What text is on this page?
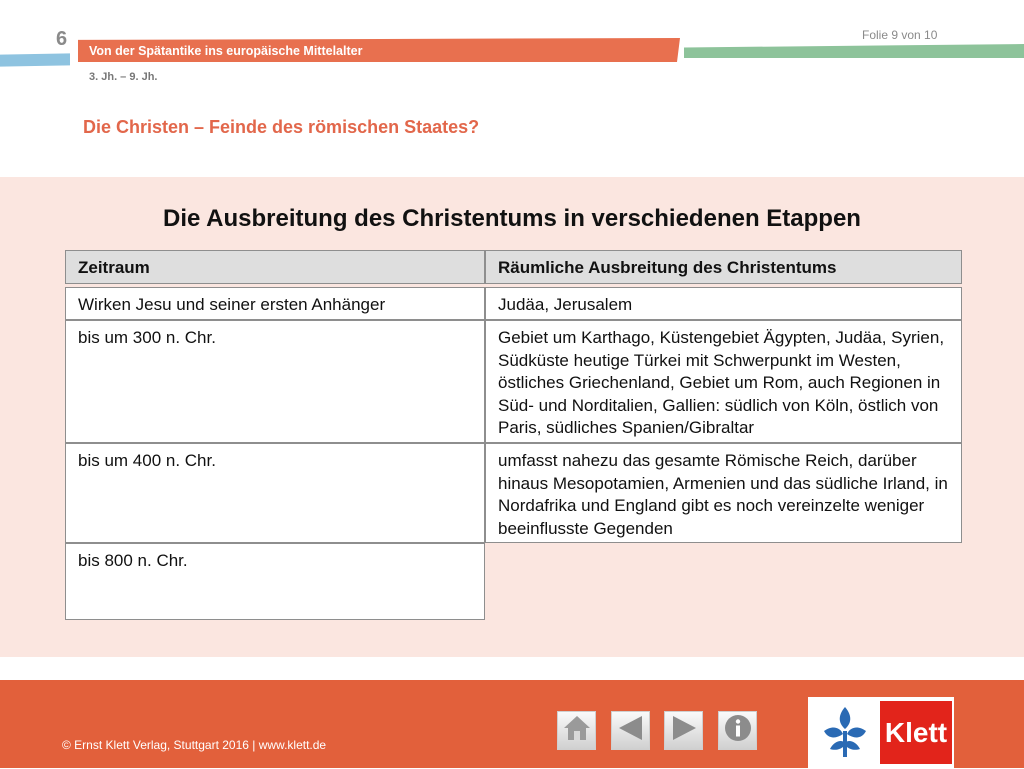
6
Von der Spätantike ins europäische Mittelalter
Folie 9 von 10
3. Jh. – 9. Jh.
Die Christen – Feinde des römischen Staates?
Die Ausbreitung des Christentums in verschiedenen Etappen
Zeitraum	Räumliche Ausbreitung des Christentums
Wirken Jesu und seiner ersten Anhänger	Judäa, Jerusalem
bis um 300 n. Chr.	Gebiet um Karthago, Küstengebiet Ägypten, Judäa, Syrien, Südküste heutige Türkei mit Schwerpunkt im Westen, östliches Griechenland, Gebiet um Rom, auch Regionen in Süd- und Norditalien, Gallien: südlich von Köln, östlich von Paris, südliches Spanien/Gibraltar
bis um 400 n. Chr.	umfasst nahezu das gesamte Römische Reich, darüber hinaus Mesopotamien, Armenien und das südliche Irland, in Nordafrika und England gibt es noch vereinzelte weniger beeinflusste Gegenden
bis 800 n. Chr.
© Ernst Klett Verlag, Stuttgart 2016 | www.klett.de	Klett
